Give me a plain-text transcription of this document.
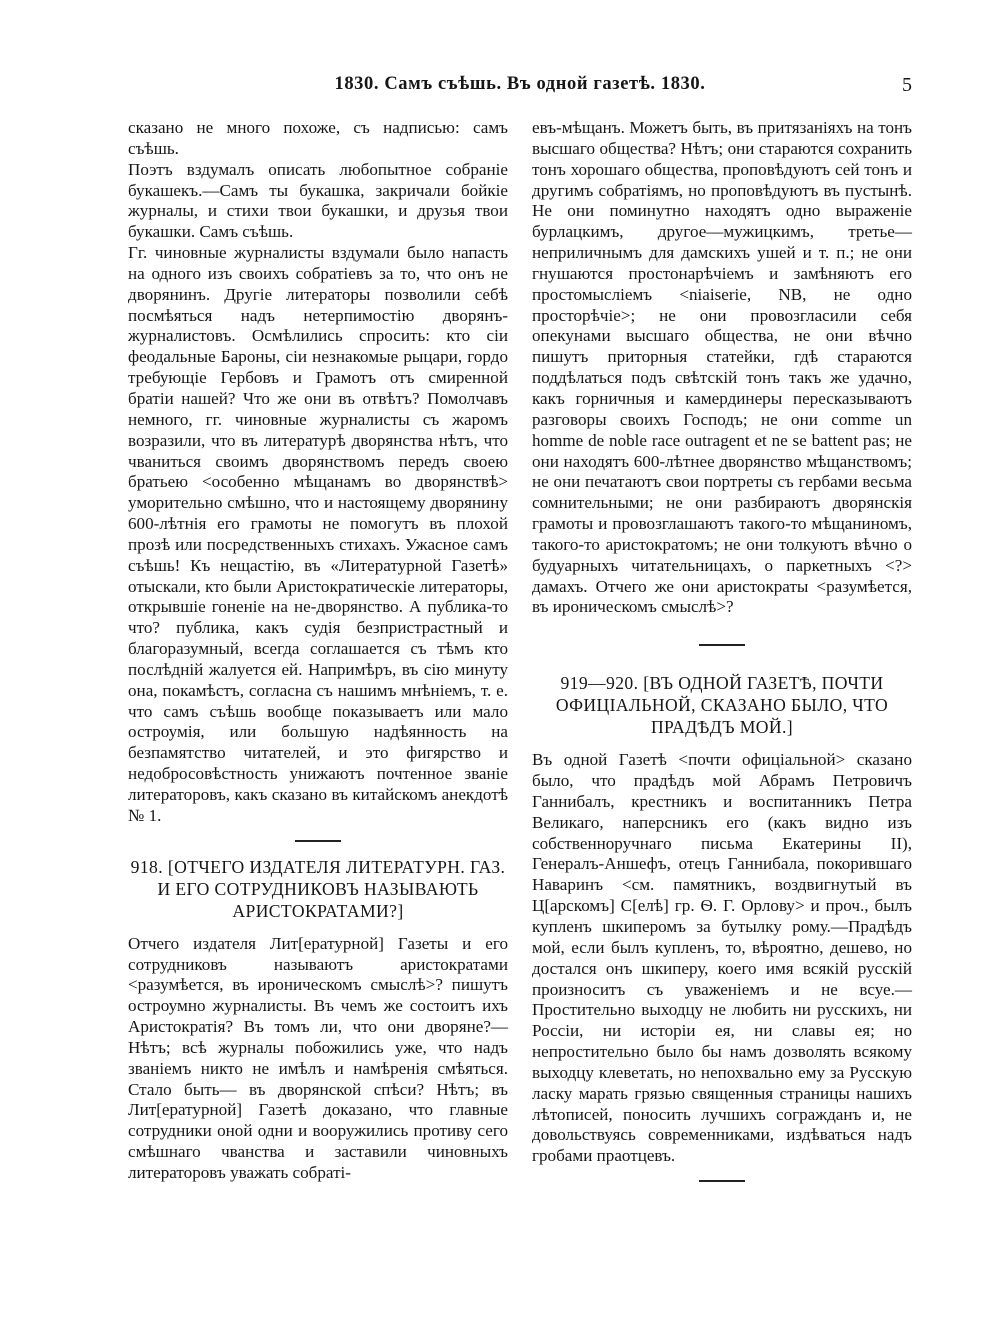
1830. Самъ съѣшь. Въ одной газетѣ. 1830.	5

сказано не много похоже, съ надписью: самъ съѣшь.

Поэтъ вздумалъ описать любопытное собраніе букашекъ.—Самъ ты букашка, закричали бойкіе журналы, и стихи твои букашки, и друзья твои букашки. Самъ съѣшь.

Гг. чиновные журналисты вздумали было напасть на одного изъ своихъ собратіевъ за то, что онъ не дворянинъ. Другіе литераторы позволили себѣ посмѣяться надъ нетерпимостію дворянъ-журналистовъ. Осмѣлились спросить: кто сіи феодальные Бароны, сіи незнакомые рыцари, гордо требующіе Гербовъ и Грамотъ отъ смиренной братіи нашей? Что же они въ отвѣтъ? Помолчавъ немного, гг. чиновные журналисты съ жаромъ возразили, что въ литературѣ дворянства нѣтъ, что чваниться своимъ дворянствомъ передъ своею братьею <особенно мѣщанамъ во дворянствѣ> уморительно смѣшно, что и настоящему дворянину 600-лѣтнія его грамоты не помогутъ въ плохой прозѣ или посредственныхъ стихахъ. Ужасное самъ съѣшь! Къ нещастію, въ «Литературной Газетѣ» отыскали, кто были Аристократическіе литераторы, открывшіе гоненіе на не-дворянство. А публика-то что? публика, какъ судія безпристрастный и благоразумный, всегда соглашается съ тѣмъ кто послѣдній жалуется ей. Напримѣръ, въ сію минуту она, покамѣстъ, согласна съ нашимъ мнѣніемъ, т. е. что самъ съѣшь вообще показываетъ или мало остроумія, или большую надѣянность на безпамятство читателей, и это фигярство и недобросовѣстность унижаютъ почтенное званіе литераторовъ, какъ сказано въ китайскомъ анекдотѣ № 1.

918. [ОТЧЕГО ИЗДАТЕЛЯ ЛИТЕРАТУРН. ГАЗ. И ЕГО СОТРУДНИКОВЪ НАЗЫВАЮТЬ АРИСТОКРАТАМИ?]

Отчего издателя Лит[ературной] Газеты и его сотрудниковъ называютъ аристократами <разумѣется, въ ироническомъ смыслѣ>? пишутъ остроумно журналисты. Въ чемъ же состоитъ ихъ Аристократія? Въ томъ ли, что они дворяне?—Нѣтъ; всѣ журналы побожились уже, что надъ званіемъ никто не имѣлъ и намѣренія смѣяться. Стало быть— въ дворянской спѣси? Нѣтъ; въ Лит[ературной] Газетѣ доказано, что главные сотрудники оной одни и вооружились противу сего смѣшнаго чванства и заставили чиновныхъ литераторовъ уважать собраті-

евъ-мѣщанъ. Можетъ быть, въ притязаніяхъ на тонъ высшаго общества? Нѣтъ; они стараются сохранить тонъ хорошаго общества, проповѣдуютъ сей тонъ и другимъ собратіямъ, но проповѣдуютъ въ пустынѣ. Не они поминутно находятъ одно выраженіе бурлацкимъ, другое—мужицкимъ, третье— неприличнымъ для дамскихъ ушей и т. п.; не они гнушаются простонарѣчіемъ и замѣняютъ его простомысліемъ <niaiserie, NB, не одно просторѣчіе>; не они провозгласили себя опекунами высшаго общества, не они вѣчно пишутъ приторныя статейки, гдѣ стараются поддѣлаться подъ свѣтскій тонъ такъ же удачно, какъ горничныя и камердинеры пересказываютъ разговоры своихъ Господъ; не они comme un homme de noble race outragent et ne se battent pas; не они находятъ 600-лѣтнее дворянство мѣщанствомъ; не они печатаютъ свои портреты съ гербами весьма сомнительными; не они разбираютъ дворянскія грамоты и провозглашаютъ такого-то мѣщаниномъ, такого-то аристократомъ; не они толкуютъ вѣчно о будуарныхъ читательницахъ, о паркетныхъ <?> дамахъ. Отчего же они аристократы <разумѣется, въ ироническомъ смыслѣ>?

919—920. [ВЪ ОДНОЙ ГАЗЕТѢ, ПОЧТИ ОФИЦІАЛЬНОЙ, СКАЗАНО БЫЛО, ЧТО ПРАДѢДЪ МОЙ.]

Въ одной Газетѣ <почти офиціальной> сказано было, что прадѣдъ мой Абрамъ Петровичъ Ганнибалъ, крестникъ и воспитанникъ Петра Великаго, наперсникъ его (какъ видно изъ собственноручнаго письма Екатерины II), Генералъ-Аншефъ, отецъ Ганнибала, покорившаго Наваринъ <см. памятникъ, воздвигнутый въ Ц[арскомъ] С[елѣ] гр. Ѳ. Г. Орлову> и проч., былъ купленъ шкиперомъ за бутылку рому.—Прадѣдъ мой, если былъ купленъ, то, вѣроятно, дешево, но достался онъ шкиперу, коего имя всякій русскій произноситъ съ уваженіемъ и не всуе.—Простительно выходцу не любить ни русскихъ, ни Россіи, ни исторіи ея, ни славы ея; но непростительно было бы намъ дозволять всякому выходцу клеветать, но непохвально ему за Русскую ласку марать грязью священныя страницы нашихъ лѣтописей, поносить лучшихъ согражданъ и, не довольствуясь современниками, издѣваться надъ гробами праотцевъ.
